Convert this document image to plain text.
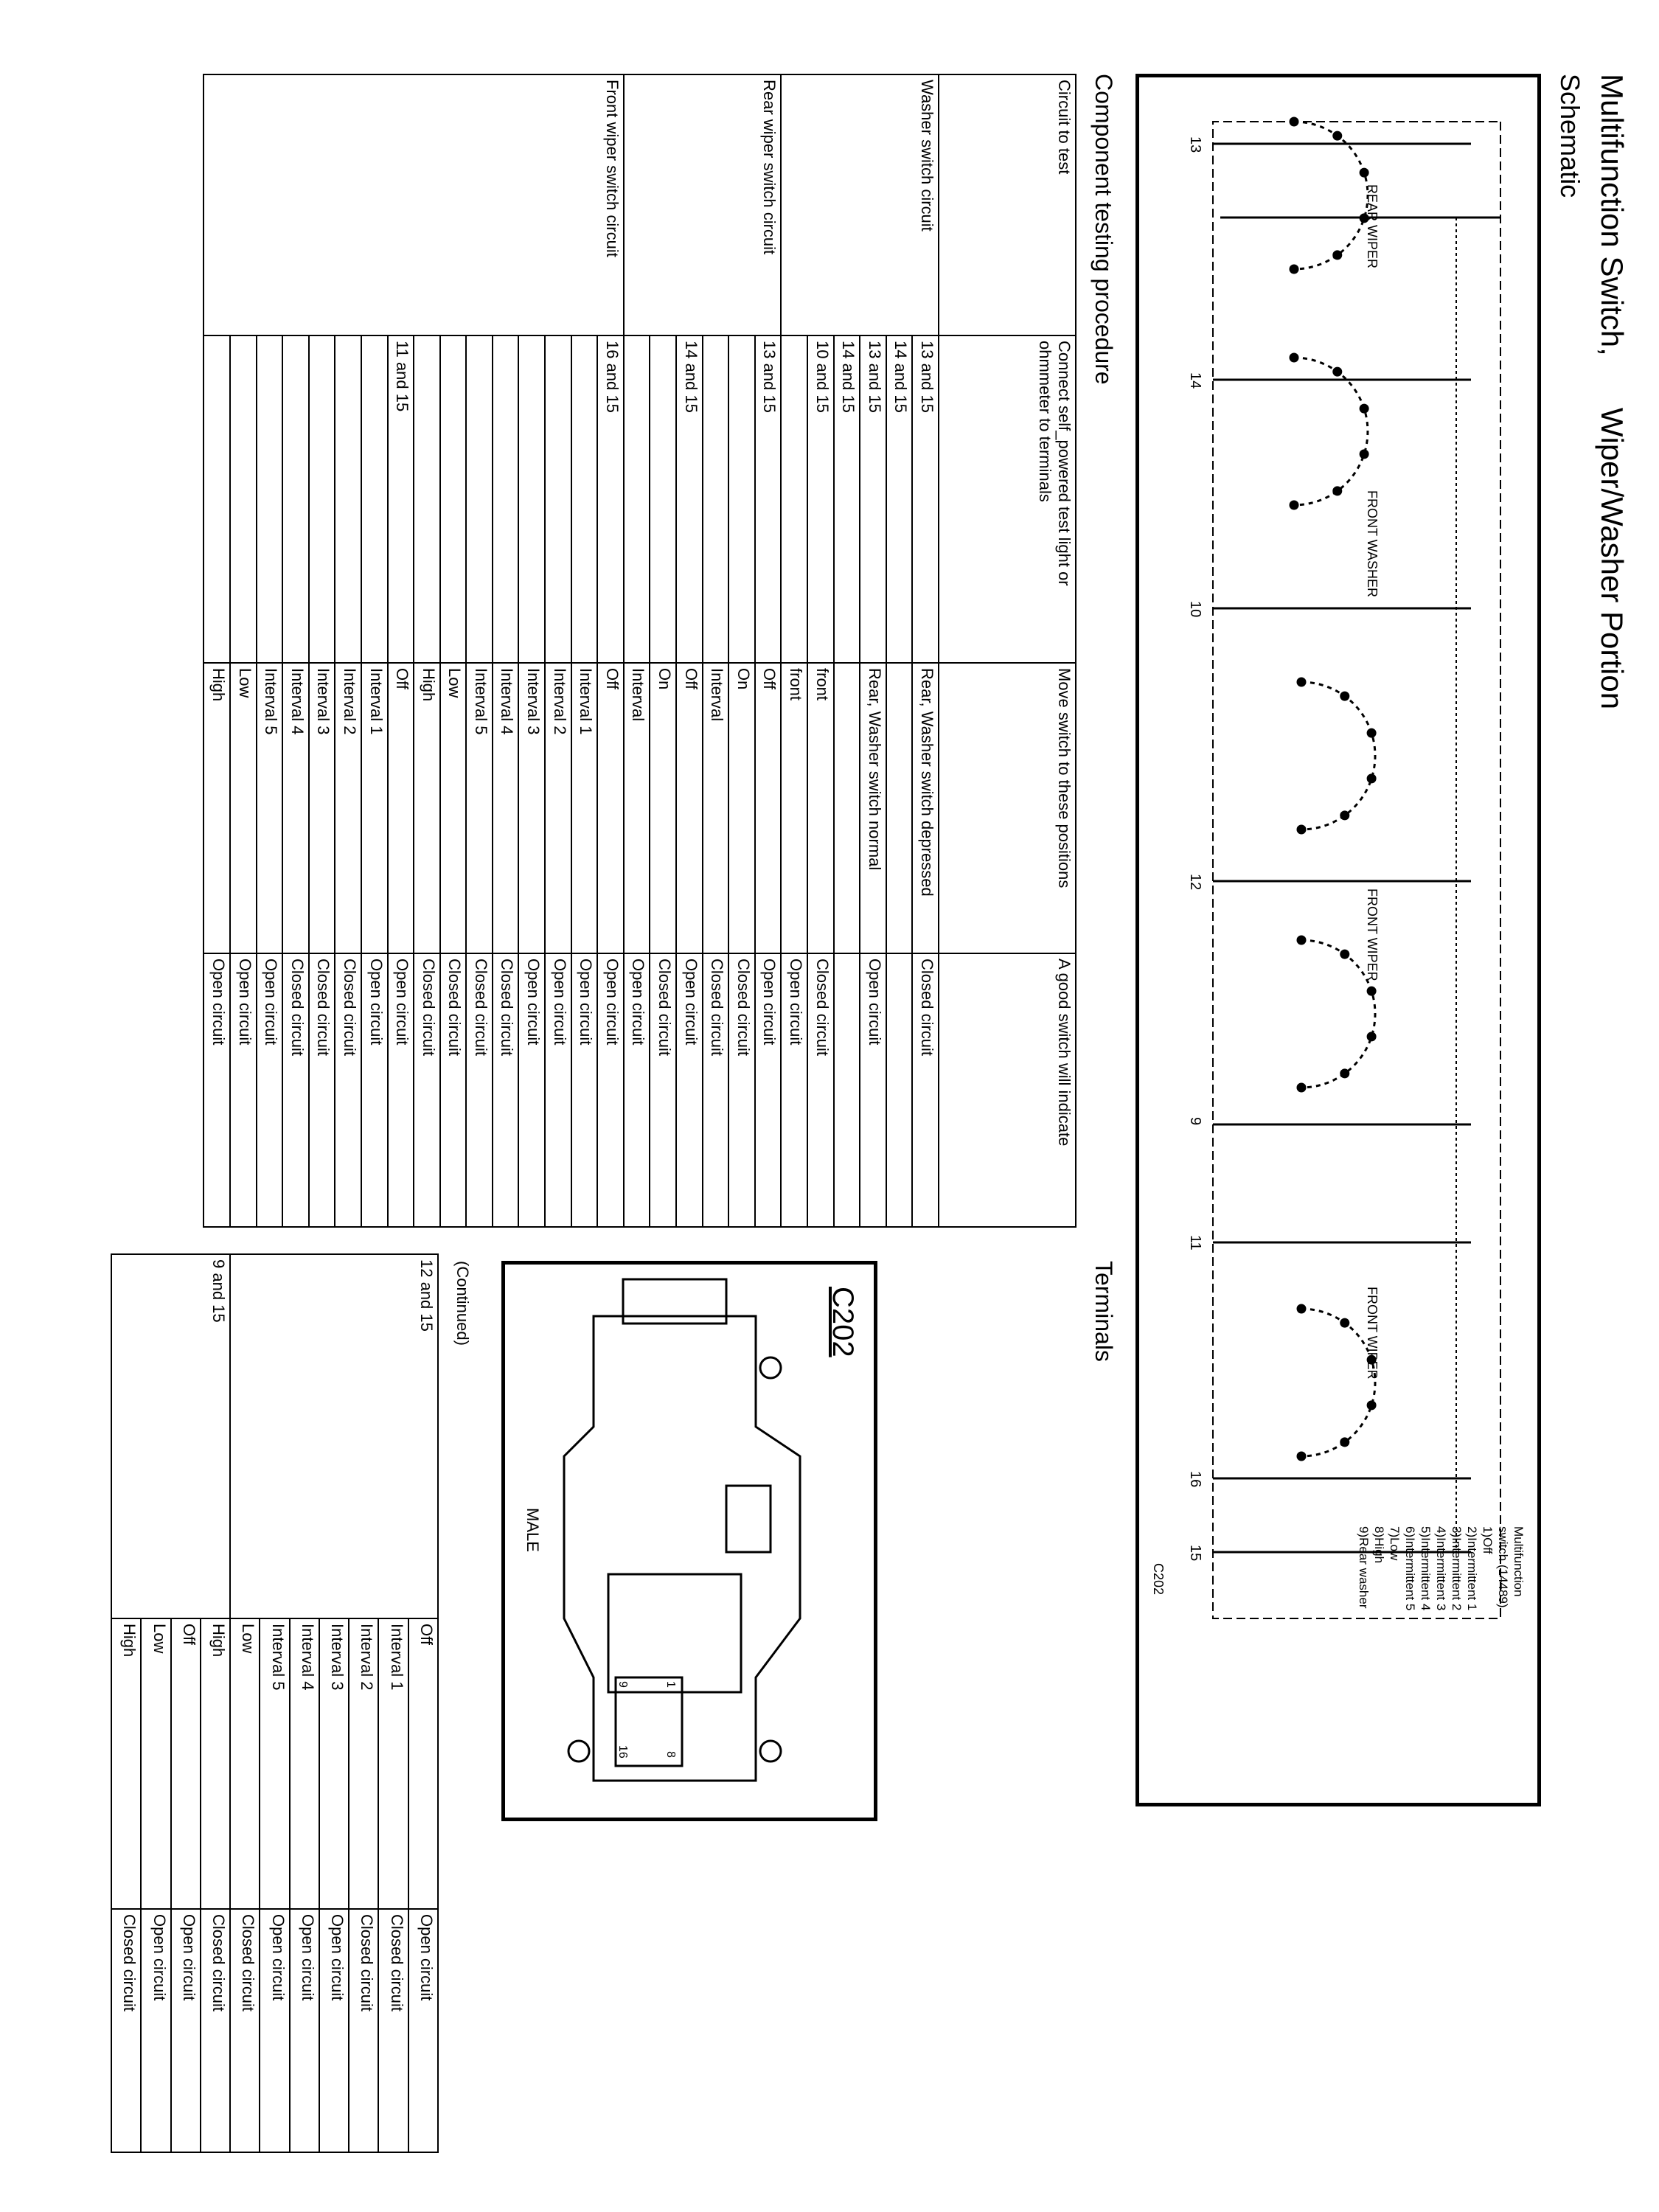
Multifunction Switch,Wiper/Washer Portion
Schematic
13
14
10
12
9
11
16
15
REAR WIPER
FRONT WASHER
FRONT WIPER
FRONT WIPER
C202	Multifunction
switch (14489)
1)Off
2)Intermittent 1
3)Intermittent 2
4)Intermittent 3
5)Intermittent 4
6)Intermittent 5
7)Low
8)High
9)Rear washer
Component testing procedure
Circuit to test	Connect self_powered test light or ohmmeter to terminals	Move switch to these positions	A good switch will indicate
Washer switch circuit	13 and 15	Rear, Washer switch depressed	Closed circuit
	14 and 15		
	13 and 15	Rear, Washer switch normal	Open circuit
	14 and 15		
	10 and 15	front	Closed circuit
		front	Open circuit
Rear wiper switch circuit	13 and 15	Off	Open circuit
		On	Closed circuit
		Interval	Closed circuit
	14 and 15	Off	Open circuit
		On	Closed circuit
		Interval	Open circuit
Front wiper switch circuit	16 and 15	Off	Open circuit
		Interval 1	Open circuit
		Interval 2	Open circuit
		Interval 3	Open circuit
		Interval 4	Closed circuit
		Interval 5	Closed circuit
		Low	Closed circuit
		High	Closed circuit
	11 and 15	Off	Open circuit
		Interval 1	Open circuit
		Interval 2	Closed circuit
		Interval 3	Closed circuit
		Interval 4	Closed circuit
		Interval 5	Open circuit
		Low	Open circuit
		High	Open circuit
Terminals
C202
MALE
1
8
9
16
(Continued)
12 and 15	Off	Open circuit
	Interval 1	Closed circuit
	Interval 2	Closed circuit
	Interval 3	Open circuit
	Interval 4	Open circuit
	Interval 5	Open circuit
	Low	Closed circuit
9 and 15	High	Closed circuit
	Off	Open circuit
	Low	Open circuit
	High	Closed circuit
